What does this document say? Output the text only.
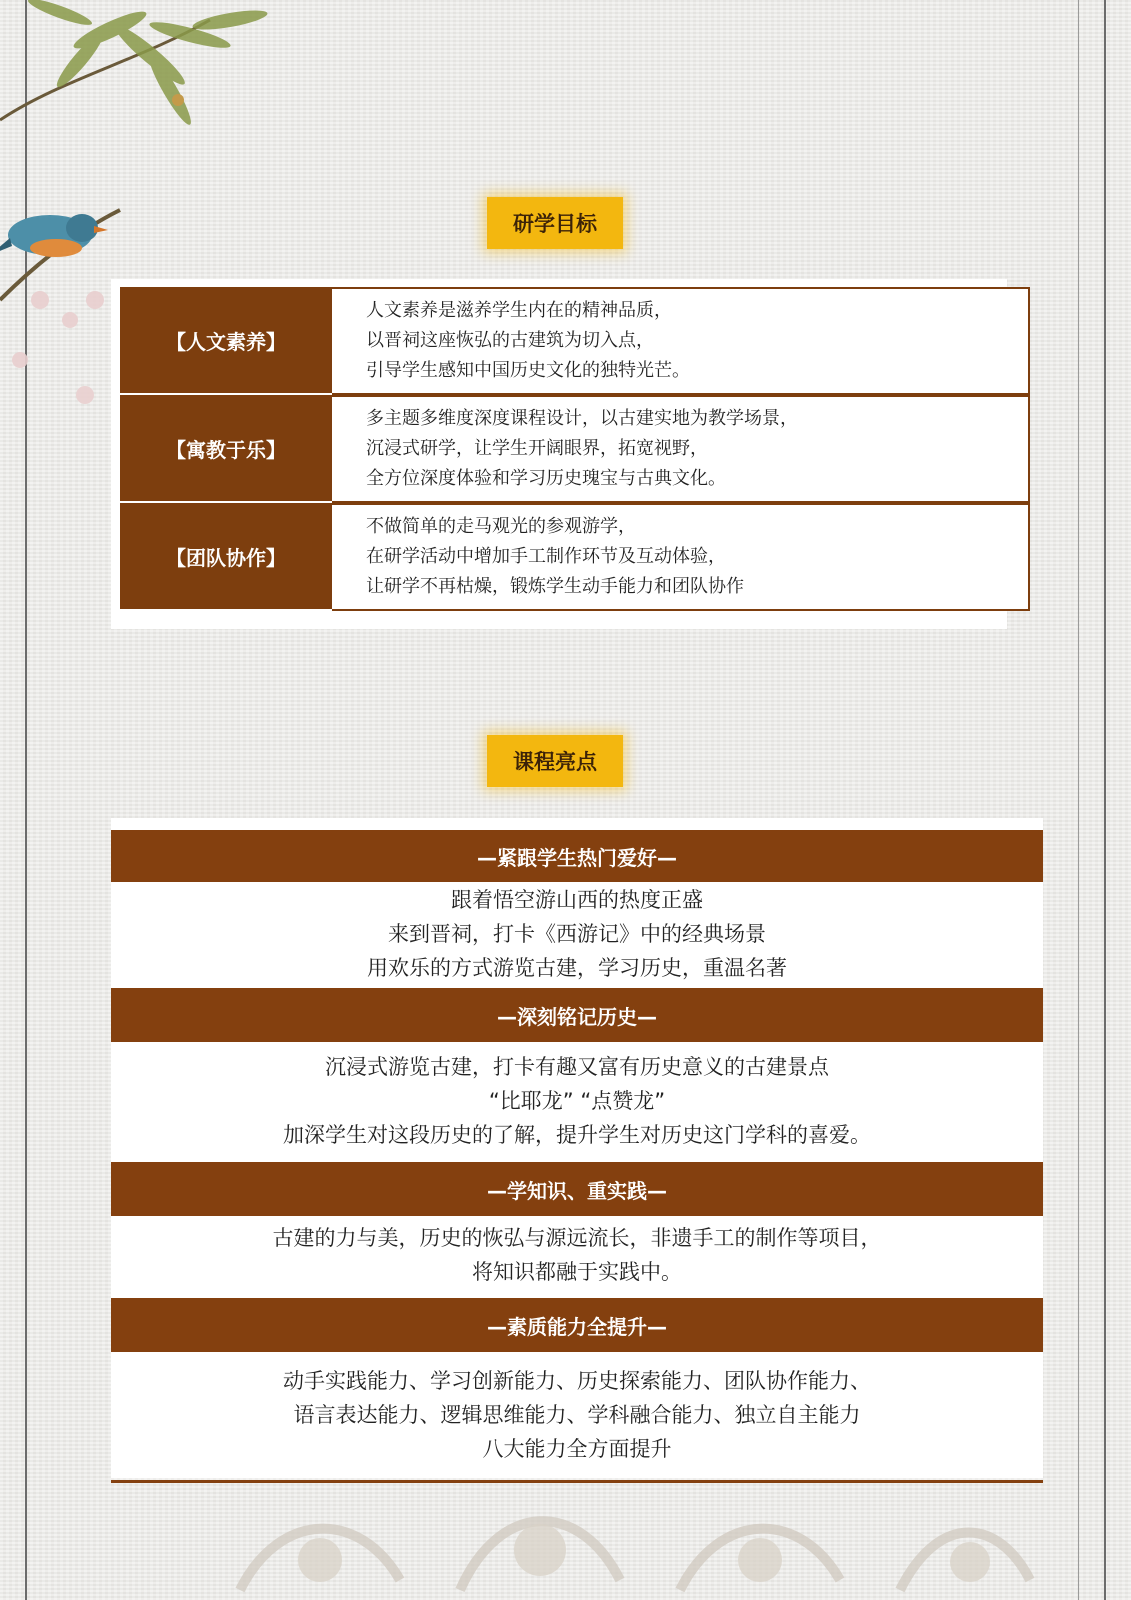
研学目标
【人文素养】
人文素养是滋养学生内在的精神品质，
以晋祠这座恢弘的古建筑为切入点，
引导学生感知中国历史文化的独特光芒。
【寓教于乐】
多主题多维度深度课程设计，以古建实地为教学场景，
沉浸式研学，让学生开阔眼界，拓宽视野，
全方位深度体验和学习历史瑰宝与古典文化。
【团队协作】
不做简单的走马观光的参观游学，
在研学活动中增加手工制作环节及互动体验，
让研学不再枯燥，锻炼学生动手能力和团队协作
课程亮点
—紧跟学生热门爱好—
跟着悟空游山西的热度正盛
来到晋祠，打卡《西游记》中的经典场景
用欢乐的方式游览古建，学习历史，重温名著
—深刻铭记历史—
沉浸式游览古建，打卡有趣又富有历史意义的古建景点
“比耶龙” “点赞龙”
加深学生对这段历史的了解，提升学生对历史这门学科的喜爱。
—学知识、重实践—
古建的力与美，历史的恢弘与源远流长，非遗手工的制作等项目，
将知识都融于实践中。
—素质能力全提升—
动手实践能力、学习创新能力、历史探索能力、团队协作能力、
语言表达能力、逻辑思维能力、学科融合能力、独立自主能力
八大能力全方面提升
